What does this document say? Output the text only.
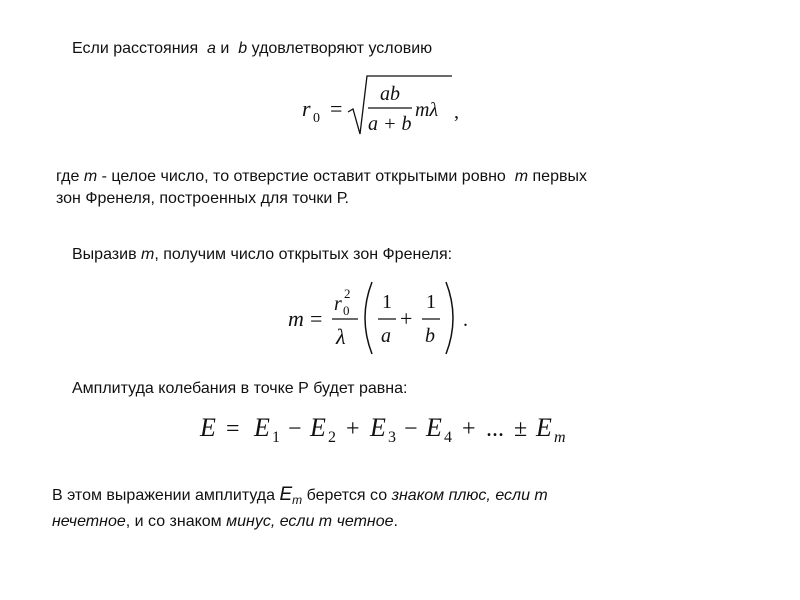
Если расстояния a и b удовлетворяют условию
r 0 =
ab
a + b
mλ ,
где m - целое число, то отверстие оставит открытыми ровно m первых
зон Френеля, построенных для точки Р.
Выразив m, получим число открытых зон Френеля:
m =
r 0
2
λ
1
a
+
1
b
.
Амплитуда колебания в точке Р будет равна:
E = E 1 − E 2 + E 3 − E 4 + ... ± E m
В этом выражении амплитуда $E_m$ берется со знаком плюс, если m
нечетное, и со знаком минус, если m четное.
